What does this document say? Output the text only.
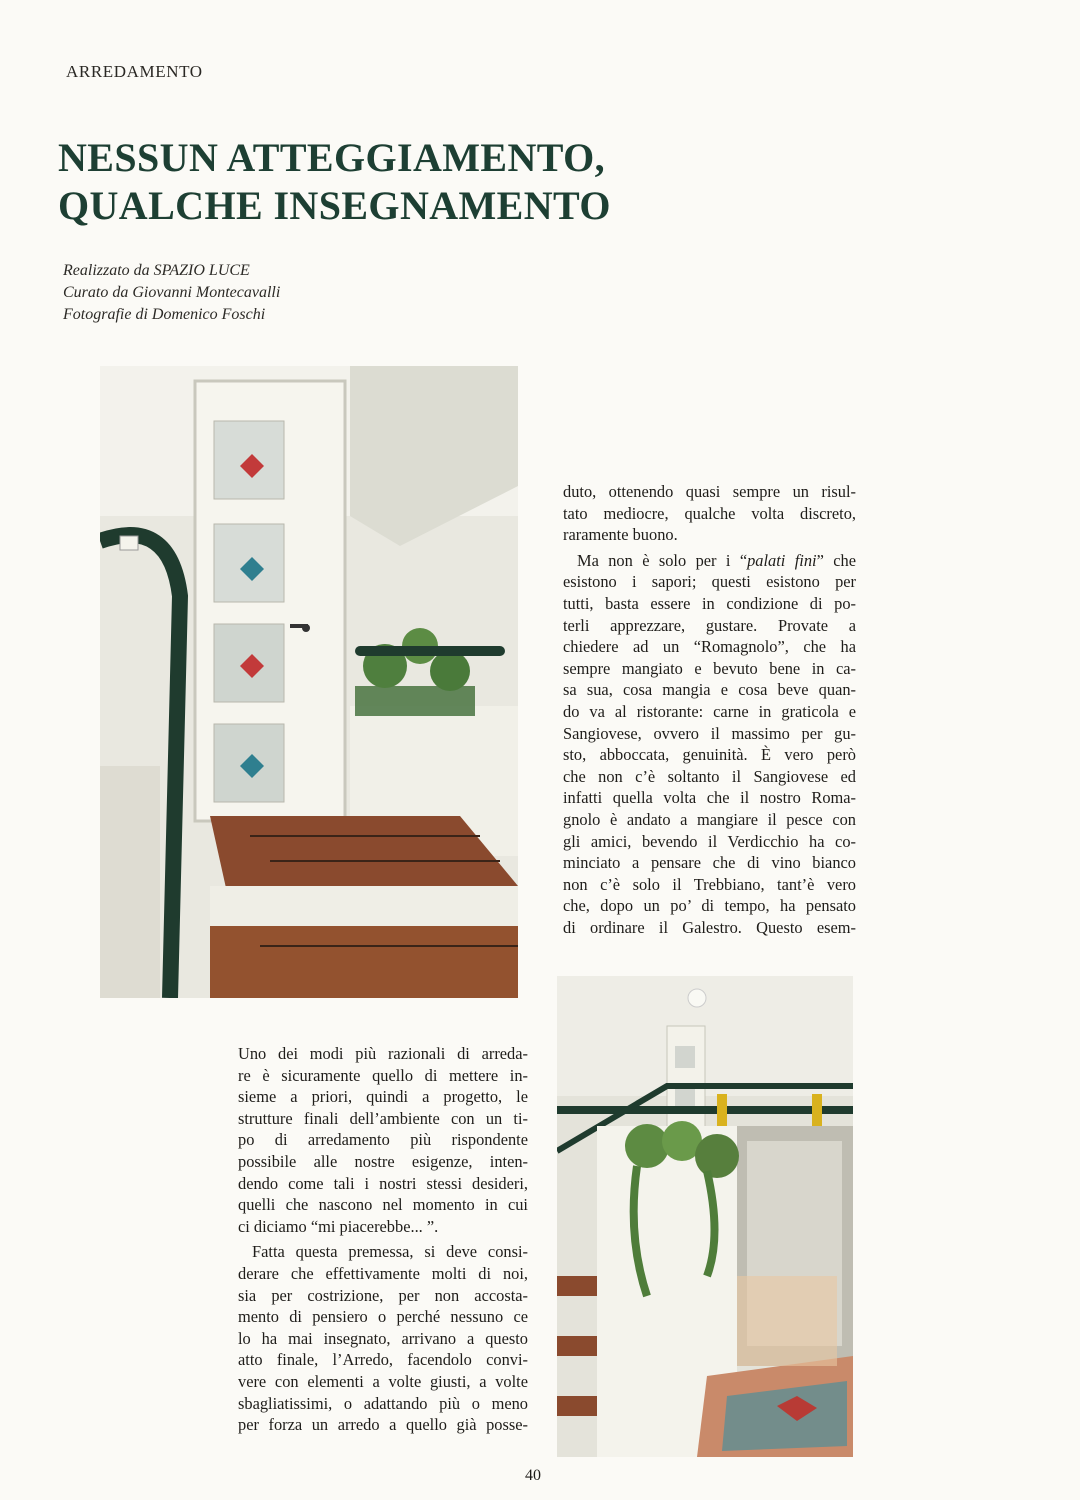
ARREDAMENTO
NESSUN ATTEGGIAMENTO,
QUALCHE INSEGNAMENTO
Realizzato da SPAZIO LUCE
Curato da Giovanni Montecavalli
Fotografie di Domenico Foschi
duto, ottenendo quasi sempre un risul-
tato mediocre, qualche volta discreto,
raramente buono.
Ma non è solo per i “palati fini” che
esistono i sapori; questi esistono per
tutti, basta essere in condizione di po-
terli apprezzare, gustare. Provate a
chiedere ad un “Romagnolo”, che ha
sempre mangiato e bevuto bene in ca-
sa sua, cosa mangia e cosa beve quan-
do va al ristorante: carne in graticola e
Sangiovese, ovvero il massimo per gu-
sto, abboccata, genuinità. È vero però
che non c’è soltanto il Sangiovese ed
infatti quella volta che il nostro Roma-
gnolo è andato a mangiare il pesce con
gli amici, bevendo il Verdicchio ha co-
minciato a pensare che di vino bianco
non c’è solo il Trebbiano, tant’è vero
che, dopo un po’ di tempo, ha pensato
di ordinare il Galestro. Questo esem-
Uno dei modi più razionali di arreda-
re è sicuramente quello di mettere in-
sieme a priori, quindi a progetto, le
strutture finali dell’ambiente con un ti-
po di arredamento più rispondente
possibile alle nostre esigenze, inten-
dendo come tali i nostri stessi desideri,
quelli che nascono nel momento in cui
ci diciamo “mi piacerebbe... ”.
Fatta questa premessa, si deve consi-
derare che effettivamente molti di noi,
sia per costrizione, per non accosta-
mento di pensiero o perché nessuno ce
lo ha mai insegnato, arrivano a questo
atto finale, l’Arredo, facendolo convi-
vere con elementi a volte giusti, a volte
sbagliatissimi, o adattando più o meno
per forza un arredo a quello già posse-
40
